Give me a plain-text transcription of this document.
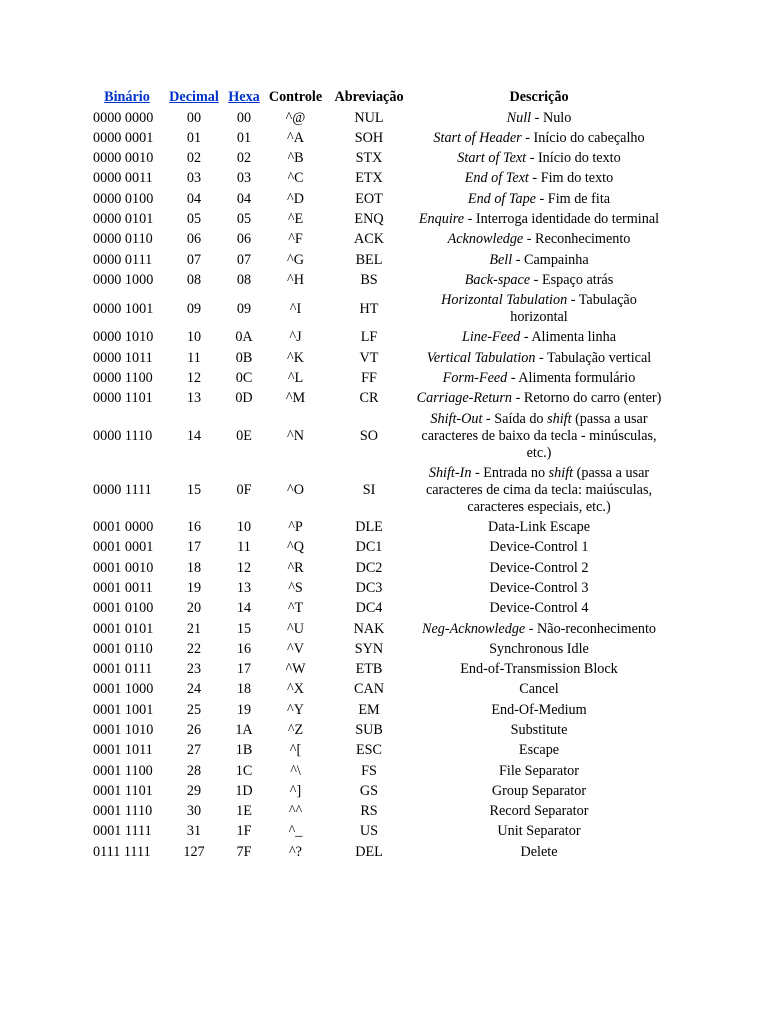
Binário	Decimal	Hexa	Controle	Abreviação	Descrição
0000 0000	00	00	^@	NUL	Null - Nulo
0000 0001	01	01	^A	SOH	Start of Header - Início do cabeçalho
0000 0010	02	02	^B	STX	Start of Text - Início do texto
0000 0011	03	03	^C	ETX	End of Text - Fim do texto
0000 0100	04	04	^D	EOT	End of Tape - Fim de fita
0000 0101	05	05	^E	ENQ	Enquire - Interroga identidade do terminal
0000 0110	06	06	^F	ACK	Acknowledge - Reconhecimento
0000 0111	07	07	^G	BEL	Bell - Campainha
0000 1000	08	08	^H	BS	Back-space - Espaço atrás
0000 1001	09	09	^I	HT	Horizontal Tabulation - Tabulação horizontal
0000 1010	10	0A	^J	LF	Line-Feed - Alimenta linha
0000 1011	11	0B	^K	VT	Vertical Tabulation - Tabulação vertical
0000 1100	12	0C	^L	FF	Form-Feed - Alimenta formulário
0000 1101	13	0D	^M	CR	Carriage-Return - Retorno do carro (enter)
0000 1110	14	0E	^N	SO	Shift-Out - Saída do shift (passa a usar caracteres de baixo da tecla - minúsculas, etc.)
0000 1111	15	0F	^O	SI	Shift-In - Entrada no shift (passa a usar caracteres de cima da tecla: maiúsculas, caracteres especiais, etc.)
0001 0000	16	10	^P	DLE	Data-Link Escape
0001 0001	17	11	^Q	DC1	Device-Control 1
0001 0010	18	12	^R	DC2	Device-Control 2
0001 0011	19	13	^S	DC3	Device-Control 3
0001 0100	20	14	^T	DC4	Device-Control 4
0001 0101	21	15	^U	NAK	Neg-Acknowledge - Não-reconhecimento
0001 0110	22	16	^V	SYN	Synchronous Idle
0001 0111	23	17	^W	ETB	End-of-Transmission Block
0001 1000	24	18	^X	CAN	Cancel
0001 1001	25	19	^Y	EM	End-Of-Medium
0001 1010	26	1A	^Z	SUB	Substitute
0001 1011	27	1B	^[	ESC	Escape
0001 1100	28	1C	^\	FS	File Separator
0001 1101	29	1D	^]	GS	Group Separator
0001 1110	30	1E	^^	RS	Record Separator
0001 1111	31	1F	^_	US	Unit Separator
0111 1111	127	7F	^?	DEL	Delete
